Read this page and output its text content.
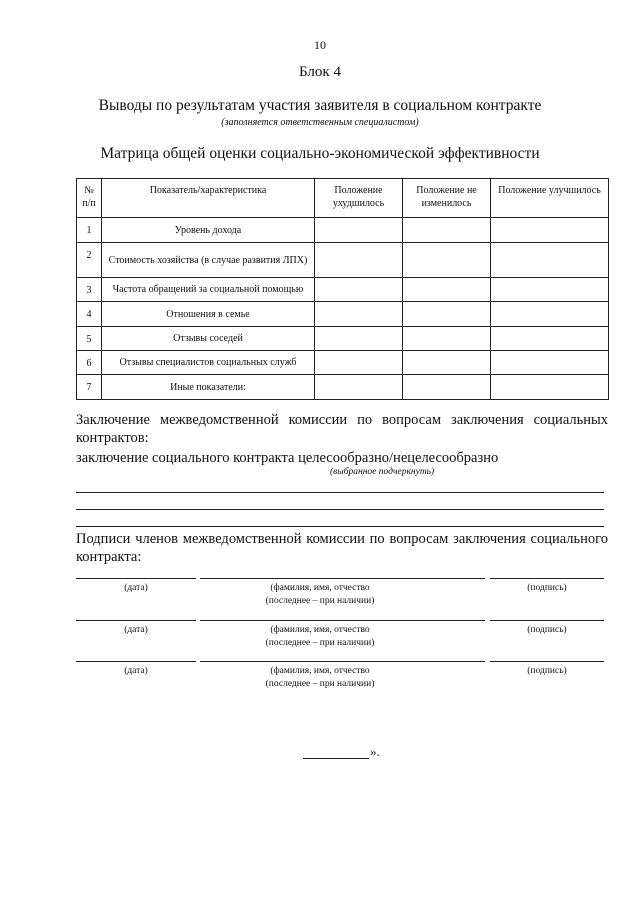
10
Блок 4
Выводы по результатам участия заявителя в социальном контракте
(заполняется ответственным специалистом)
Матрица общей оценки социально-экономической эффективности
№ п/п	Показатель/характеристика	Положение ухудшилось	Положение не изменилось	Положение улучшилось
1	Уровень дохода			
2	Стоимость хозяйства (в случае развития ЛПХ)			
3	Частота обращений за социальной помощью			
4	Отношения в семье			
5	Отзывы соседей			
6	Отзывы специалистов социальных служб			
7	Иные показатели:			
Заключение межведомственной комиссии по вопросам заключения социальных контрактов:
заключение социального контракта целесообразно/нецелесообразно
(выбранное подчеркнуть)
Подписи членов межведомственной комиссии по вопросам заключения социального контракта:
(дата)	(фамилия, имя, отчество
(последнее – при наличии)
(подпись)
(дата)	(фамилия, имя, отчество
(последнее – при наличии)
(подпись)
(дата)	(фамилия, имя, отчество
(последнее – при наличии)
(подпись)
».
